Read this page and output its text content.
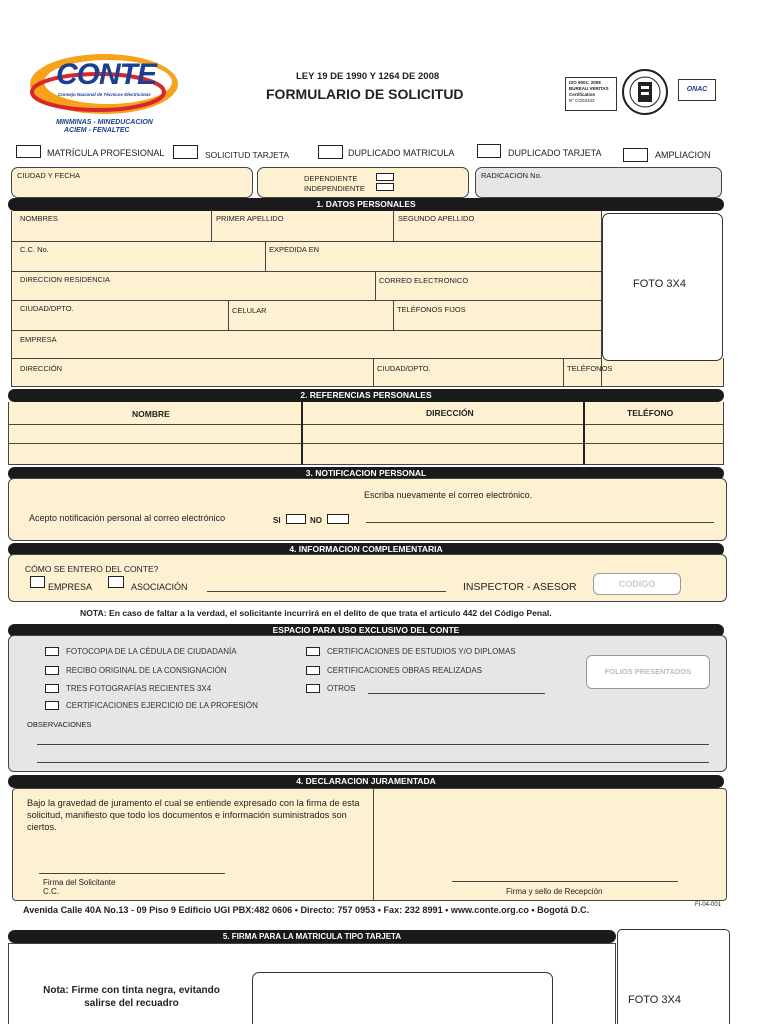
CONTE
Consejo Nacional de Técnicos Electricistas
MINMINAS - MINEDUCACION
ACIEM - FENALTEC
LEY 19 DE 1990 Y 1264 DE 2008
FORMULARIO DE SOLICITUD
ISO 9001: 2008
BUREAU VERITAS
Certification
N° CO03103
ONAC
MATRÍCULA PROFESIONAL	SOLICITUD TARJETA	DUPLICADO MATRICULA	DUPLICADO TARJETA	AMPLIACION
CIUDAD Y FECHA	DEPENDIENTE
INDEPENDIENTE
RADICACION No.
1. DATOS PERSONALES
NOMBRES	PRIMER APELLIDO	SEGUNDO APELLIDO
C.C. No.	EXPEDIDA EN
DIRECCION RESIDENCIA	CORREO ELECTRONICO
CIUDAD/DPTO.	CELULAR	TELÉFONOS FIJOS
EMPRESA
DIRECCIÓN	CIUDAD/DPTO.	TELÉFONOS
FOTO 3X4
2. REFERENCIAS PERSONALES
NOMBRE	DIRECCIÓN	TELÉFONO
3. NOTIFICACION PERSONAL
Escriba nuevamente el correo electrónico.
Acepto notificación personal al correo electrónico	SI	NO
4. INFORMACION COMPLEMENTARIA
CÓMO SE ENTERO DEL CONTE?
EMPRESA	ASOCIACIÓN	INSPECTOR - ASESOR	CODIGO
NOTA: En caso de faltar a la verdad, el solicitante incurrirá en el delito de que trata el articulo 442 del Código Penal.
ESPACIO PARA USO EXCLUSIVO DEL CONTE
FOTOCOPIA DE LA CÉDULA DE CIUDADANÍA
RECIBO ORIGINAL DE LA CONSIGNACIÓN
TRES FOTOGRAFÍAS RECIENTES 3X4
CERTIFICACIONES EJERCICIO DE LA PROFESIÓN
CERTIFICACIONES DE ESTUDIOS Y/O DIPLOMAS
CERTIFICACIONES OBRAS REALIZADAS
OTROS
FOLIOS PRESENTADOS
OBSERVACIONES
4. DECLARACION JURAMENTADA
Bajo la gravedad de juramento el cual se entiende expresado con la firma de esta solicitud, manifiesto que todo los documentos e información suministrados son ciertos.
Firma del Solicitante
C.C.	Firma y sello de Recepción
Avenida Calle 40A No.13 - 09 Piso 9 Edificio UGI PBX:482 0606 • Directo: 757 0953 • Fax: 232 8991 • www.conte.org.co • Bogotá D.C.	FI-04-001
5. FIRMA PARA LA MATRICULA TIPO TARJETA
Nota: Firme con tinta negra, evitando salirse del recuadro	FOTO 3X4
